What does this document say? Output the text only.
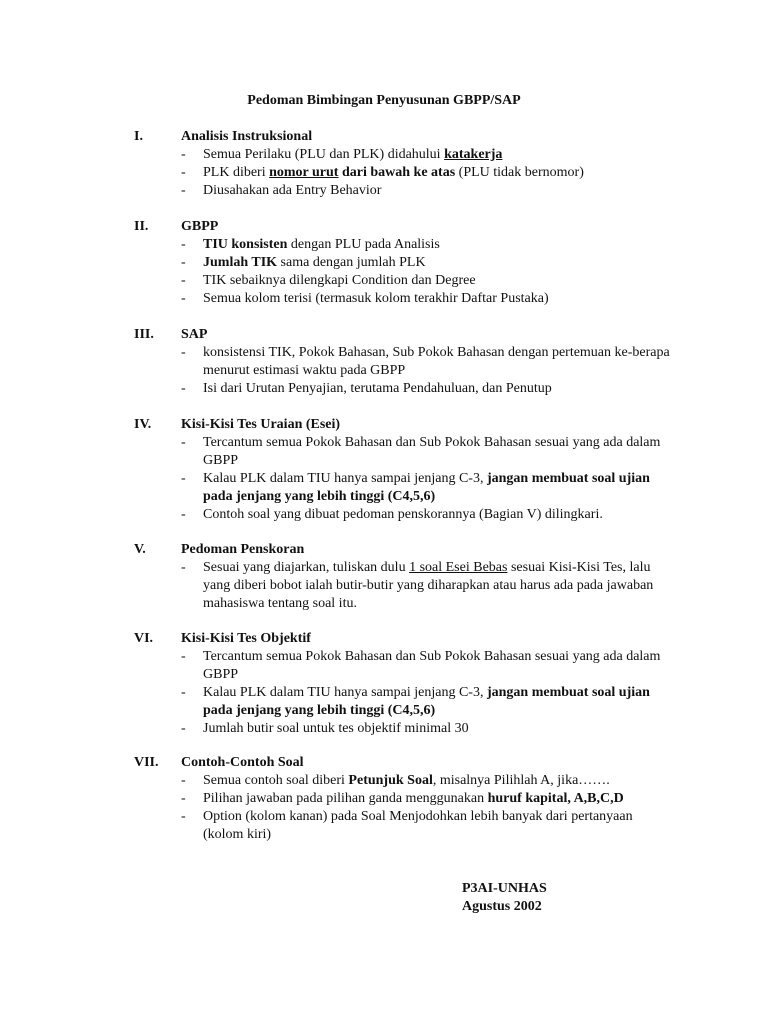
Pedoman Bimbingan Penyusunan GBPP/SAP
I.	Analisis Instruksional
- Semua Perilaku (PLU dan PLK) didahului katakerja
- PLK diberi nomor urut dari bawah ke atas (PLU tidak bernomor)
- Diusahakan ada Entry Behavior
II. GBPP
- TIU konsisten dengan PLU pada Analisis
- Jumlah TIK sama dengan jumlah PLK
- TIK sebaiknya dilengkapi Condition dan Degree
- Semua kolom terisi (termasuk kolom terakhir Daftar Pustaka)
III. SAP
- konsistensi TIK, Pokok Bahasan, Sub Pokok Bahasan dengan pertemuan ke-berapa menurut estimasi waktu pada GBPP
- Isi dari Urutan Penyajian, terutama Pendahuluan, dan Penutup
IV. Kisi-Kisi Tes Uraian (Esei)
- Tercantum semua Pokok Bahasan dan Sub Pokok Bahasan sesuai yang ada dalam GBPP
- Kalau PLK dalam TIU hanya sampai jenjang C-3, jangan membuat soal ujian pada jenjang yang lebih tinggi (C4,5,6)
- Contoh soal yang dibuat pedoman penskorannya (Bagian V) dilingkari.
V.	Pedoman Penskoran
- Sesuai yang diajarkan, tuliskan dulu 1 soal Esei Bebas sesuai Kisi-Kisi Tes, lalu yang diberi bobot ialah butir-butir yang diharapkan atau harus ada pada jawaban mahasiswa tentang soal itu.
VI. Kisi-Kisi Tes Objektif
- Tercantum semua Pokok Bahasan dan Sub Pokok Bahasan sesuai yang ada dalam GBPP
- Kalau PLK dalam TIU hanya sampai jenjang C-3, jangan membuat soal ujian pada jenjang yang lebih tinggi (C4,5,6)
- Jumlah butir soal untuk tes objektif minimal 30
VII. Contoh-Contoh Soal
- Semua contoh soal diberi Petunjuk Soal, misalnya Pilihlah A, jika…….
- Pilihan jawaban pada pilihan ganda menggunakan huruf kapital, A,B,C,D
- Option (kolom kanan) pada Soal Menjodohkan lebih banyak dari pertanyaan (kolom kiri)
P3AI-UNHAS
Agustus 2002
